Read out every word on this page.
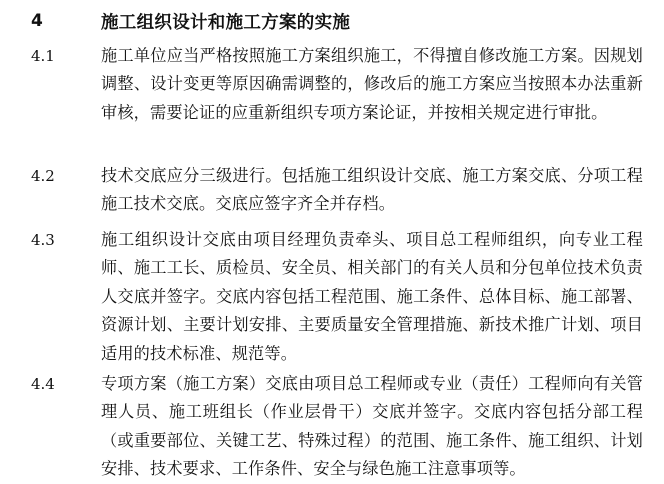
4	施工组织设计和施工方案的实施
4.1	施工单位应当严格按照施工方案组织施工，不得擅自修改施工方案。因规划调整、设计变更等原因确需调整的，修改后的施工方案应当按照本办法重新审核，需要论证的应重新组织专项方案论证，并按相关规定进行审批。
4.2	技术交底应分三级进行。包括施工组织设计交底、施工方案交底、分项工程施工技术交底。交底应签字齐全并存档。
4.3	施工组织设计交底由项目经理负责牵头、项目总工程师组织，向专业工程师、施工工长、质检员、安全员、相关部门的有关人员和分包单位技术负责人交底并签字。交底内容包括工程范围、施工条件、总体目标、施工部署、资源计划、主要计划安排、主要质量安全管理措施、新技术推广计划、项目适用的技术标准、规范等。
4.4	专项方案（施工方案）交底由项目总工程师或专业（责任）工程师向有关管理人员、施工班组长（作业层骨干）交底并签字。交底内容包括分部工程（或重要部位、关键工艺、特殊过程）的范围、施工条件、施工组织、计划安排、技术要求、工作条件、安全与绿色施工注意事项等。
